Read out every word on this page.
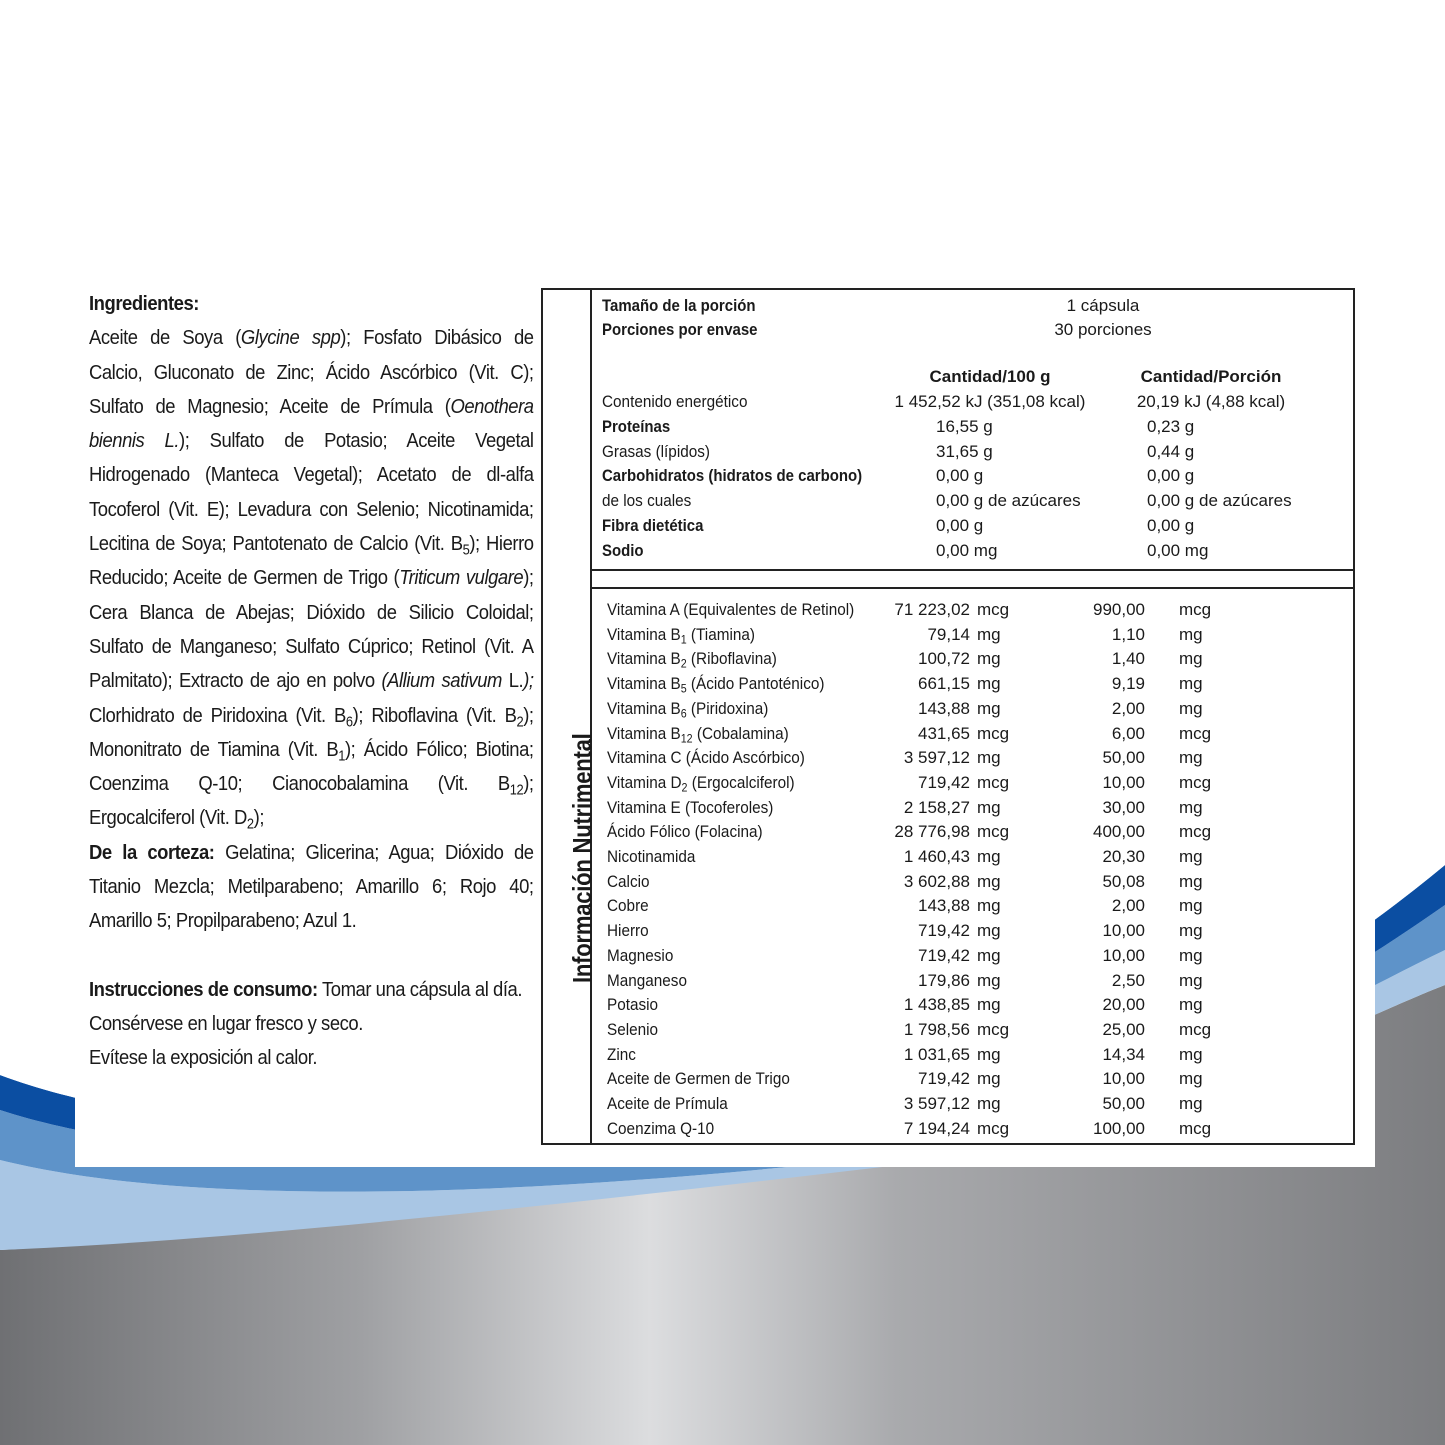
Ingredientes:

Aceite de Soya (Glycine spp); Fosfato Dibásico de Calcio, Gluconato de Zinc; Ácido Ascórbico (Vit. C); Sulfato de Magnesio; Aceite de Prímula (Oenothera biennis L.); Sulfato de Potasio; Aceite Vegetal Hidrogenado (Manteca Vegetal); Acetato de dl-alfa Tocoferol (Vit. E); Levadura con Selenio; Nicotinamida; Lecitina de Soya; Pantotenato de Calcio (Vit. $B_5$); Hierro Reducido; Aceite de Germen de Trigo (Triticum vulgare); Cera Blanca de Abejas; Dióxido de Silicio Coloidal; Sulfato de Manganeso; Sulfato Cúprico; Retinol (Vit. A Palmitato); Extracto de ajo en polvo (Allium sativum L.); Clorhidrato de Piridoxina (Vit. $B_6$); Riboflavina (Vit. $B_2$); Mononitrato de Tiamina (Vit. $B_1$); Ácido Fólico; Biotina; Coenzima Q-10; Cianocobalamina (Vit. $B_{12}$); Ergocalciferol (Vit. $D_2$);

De la corteza: Gelatina; Glicerina; Agua; Dióxido de Titanio Mezcla; Metilparabeno; Amarillo 6; Rojo 40; Amarillo 5; Propilparabeno; Azul 1.

Instrucciones de consumo: Tomar una cápsula al día.

Consérvese en lugar fresco y seco.

Evítese la exposición al calor.

Información Nutrimental
Tamaño de la porción	1 cápsula
Porciones por envase	30 porciones
Cantidad/100 g	Cantidad/Porción
Contenido energético	1 452,52 kJ (351,08 kcal)	20,19 kJ (4,88 kcal)
Proteínas	16,55 g	0,23 g
Grasas (lípidos)	31,65 g	0,44 g
Carbohidratos (hidratos de carbono)	0,00 g	0,00 g
de los cuales	0,00 g de azúcares	0,00 g de azúcares
Fibra dietética	0,00 g	0,00 g
Sodio	0,00 mg	0,00 mg
Vitamina A (Equivalentes de Retinol)	71 223,02 mcg	990,00 mcg
Vitamina $B_1$ (Tiamina)	79,14 mg	1,10 mg
Vitamina $B_2$ (Riboflavina)	100,72 mg	1,40 mg
Vitamina $B_5$ (Ácido Pantoténico)	661,15 mg	9,19 mg
Vitamina $B_6$ (Piridoxina)	143,88 mg	2,00 mg
Vitamina $B_{12}$ (Cobalamina)	431,65 mcg	6,00 mcg
Vitamina C (Ácido Ascórbico)	3 597,12 mg	50,00 mg
Vitamina $D_2$ (Ergocalciferol)	719,42 mcg	10,00 mcg
Vitamina E (Tocoferoles)	2 158,27 mg	30,00 mg
Ácido Fólico (Folacina)	28 776,98 mcg	400,00 mcg
Nicotinamida	1 460,43 mg	20,30 mg
Calcio	3 602,88 mg	50,08 mg
Cobre	143,88 mg	2,00 mg
Hierro	719,42 mg	10,00 mg
Magnesio	719,42 mg	10,00 mg
Manganeso	179,86 mg	2,50 mg
Potasio	1 438,85 mg	20,00 mg
Selenio	1 798,56 mcg	25,00 mcg
Zinc	1 031,65 mg	14,34 mg
Aceite de Germen de Trigo	719,42 mg	10,00 mg
Aceite de Prímula	3 597,12 mg	50,00 mg
Coenzima Q-10	7 194,24 mcg	100,00 mcg
